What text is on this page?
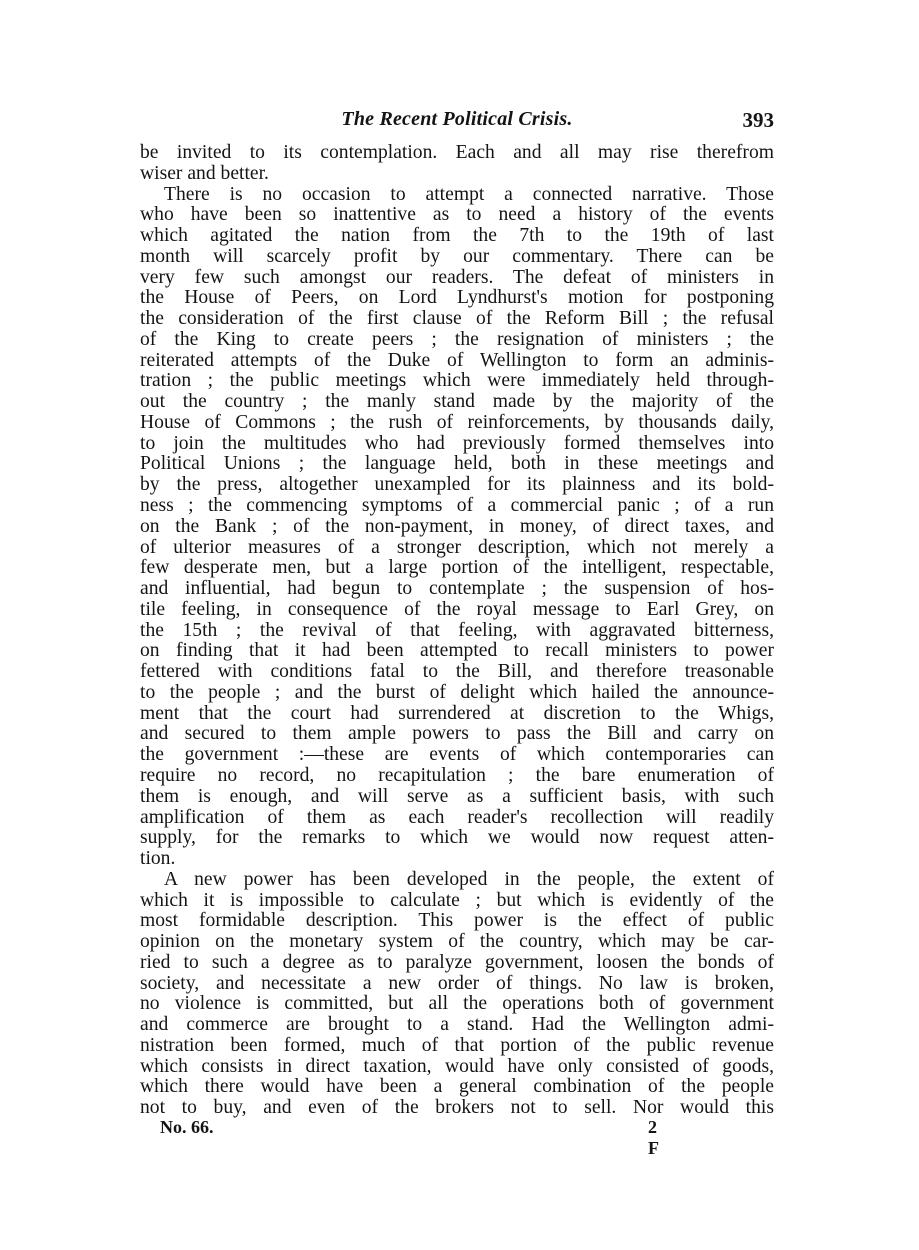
The Recent Political Crisis.	393
be invited to its contemplation. Each and all may rise therefrom
wiser and better.
There is no occasion to attempt a connected narrative. Those
who have been so inattentive as to need a history of the events
which agitated the nation from the 7th to the 19th of last
month will scarcely profit by our commentary. There can be
very few such amongst our readers. The defeat of ministers in
the House of Peers, on Lord Lyndhurst's motion for postponing
the consideration of the first clause of the Reform Bill ; the refusal
of the King to create peers ; the resignation of ministers ; the
reiterated attempts of the Duke of Wellington to form an adminis-
tration ; the public meetings which were immediately held through-
out the country ; the manly stand made by the majority of the
House of Commons ; the rush of reinforcements, by thousands daily,
to join the multitudes who had previously formed themselves into
Political Unions ; the language held, both in these meetings and
by the press, altogether unexampled for its plainness and its bold-
ness ; the commencing symptoms of a commercial panic ; of a run
on the Bank ; of the non-payment, in money, of direct taxes, and
of ulterior measures of a stronger description, which not merely a
few desperate men, but a large portion of the intelligent, respectable,
and influential, had begun to contemplate ; the suspension of hos-
tile feeling, in consequence of the royal message to Earl Grey, on
the 15th ; the revival of that feeling, with aggravated bitterness,
on finding that it had been attempted to recall ministers to power
fettered with conditions fatal to the Bill, and therefore treasonable
to the people ; and the burst of delight which hailed the announce-
ment that the court had surrendered at discretion to the Whigs,
and secured to them ample powers to pass the Bill and carry on
the government :—these are events of which contemporaries can
require no record, no recapitulation ; the bare enumeration of
them is enough, and will serve as a sufficient basis, with such
amplification of them as each reader's recollection will readily
supply, for the remarks to which we would now request atten-
tion.
A new power has been developed in the people, the extent of
which it is impossible to calculate ; but which is evidently of the
most formidable description. This power is the effect of public
opinion on the monetary system of the country, which may be car-
ried to such a degree as to paralyze government, loosen the bonds of
society, and necessitate a new order of things. No law is broken,
no violence is committed, but all the operations both of government
and commerce are brought to a stand. Had the Wellington admi-
nistration been formed, much of that portion of the public revenue
which consists in direct taxation, would have only consisted of goods,
which there would have been a general combination of the people
not to buy, and even of the brokers not to sell. Nor would this
No. 66.	2 F
